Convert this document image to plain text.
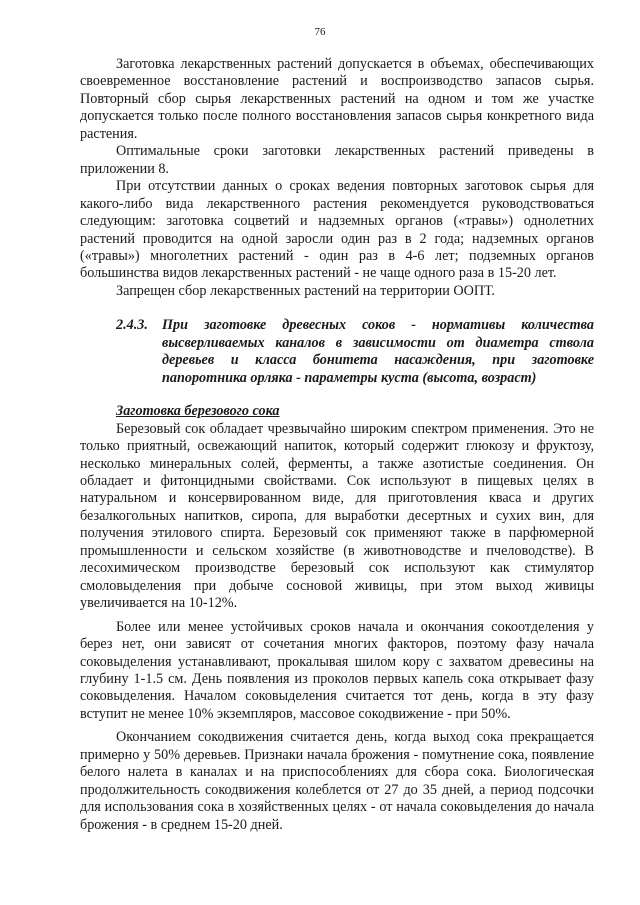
76

Заготовка лекарственных растений допускается в объемах, обеспечивающих своевременное восстановление растений и воспроизводство запасов сырья. Повторный сбор сырья лекарственных растений на одном и том же участке допускается только после полного восстановления запасов сырья конкретного вида растения.

Оптимальные сроки заготовки лекарственных растений приведены в приложении 8.

При отсутствии данных о сроках ведения повторных заготовок сырья для какого-либо вида лекарственного растения рекомендуется руководствоваться следующим: заготовка соцветий и надземных органов («травы») однолетних растений проводится на одной заросли один раз в 2 года; надземных органов («травы») многолетних растений - один раз в 4-6 лет; подземных органов большинства видов лекарственных растений - не чаще одного раза в 15-20 лет.

Запрещен сбор лекарственных растений на территории ООПТ.

2.4.3. При заготовке древесных соков - нормативы количества высверливаемых каналов в зависимости от диаметра ствола деревьев и класса бонитета насаждения, при заготовке папоротника орляка - параметры куста (высота, возраст)

Заготовка березового сока

Березовый сок обладает чрезвычайно широким спектром применения. Это не только приятный, освежающий напиток, который содержит глюкозу и фруктозу, несколько минеральных солей, ферменты, а также азотистые соединения. Он обладает и фитонцидными свойствами. Сок используют в пищевых целях в натуральном и консервированном виде, для приготовления кваса и других безалкогольных напитков, сиропа, для выработки десертных и сухих вин, для получения этилового спирта. Березовый сок применяют также в парфюмерной промышленности и сельском хозяйстве (в животноводстве и пчеловодстве). В лесохимическом производстве березовый сок используют как стимулятор смоловыделения при добыче сосновой живицы, при этом выход живицы увеличивается на 10-12%.

Более или менее устойчивых сроков начала и окончания сокоотделения у берез нет, они зависят от сочетания многих факторов, поэтому фазу начала соковыделения устанавливают, прокалывая шилом кору с захватом древесины на глубину 1-1.5 см. День появления из проколов первых капель сока открывает фазу соковыделения. Началом соковыделения считается тот день, когда в эту фазу вступит не менее 10% экземпляров, массовое сокодвижение - при 50%.

Окончанием сокодвижения считается день, когда выход сока прекращается примерно у 50% деревьев. Признаки начала брожения - помутнение сока, появление белого налета в каналах и на приспособлениях для сбора сока. Биологическая продолжительность сокодвижения колеблется от 27 до 35 дней, а период подсочки для использования сока в хозяйственных целях - от начала соковыделения до начала брожения - в среднем 15-20 дней.
